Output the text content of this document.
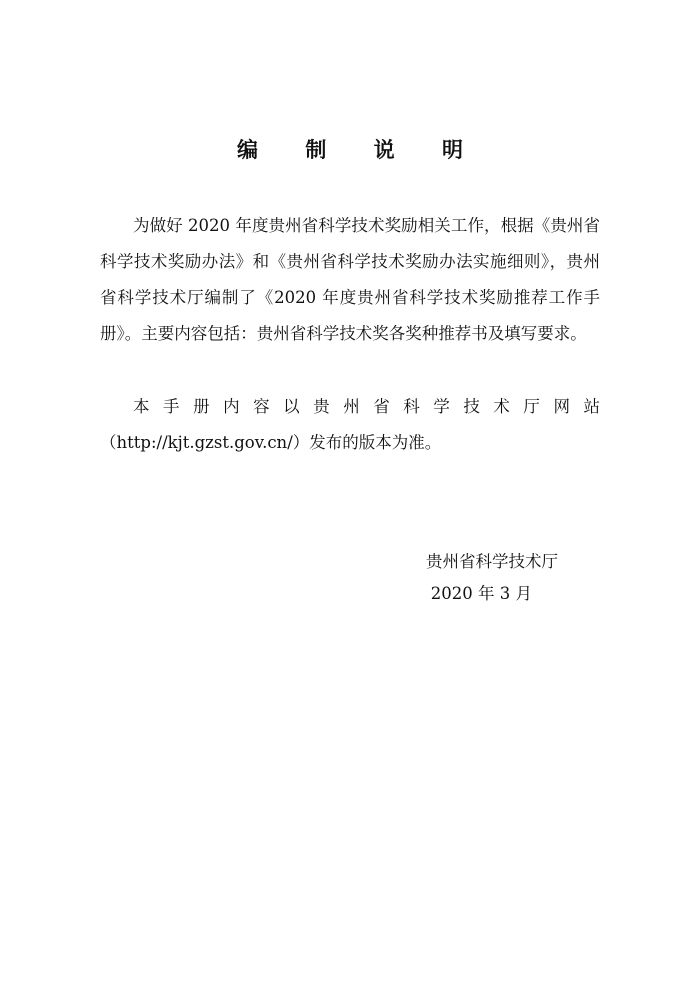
编 制 说 明

为做好 2020 年度贵州省科学技术奖励相关工作，根据《贵州省科学技术奖励办法》和《贵州省科学技术奖励办法实施细则》，贵州省科学技术厅编制了《2020 年度贵州省科学技术奖励推荐工作手册》。主要内容包括：贵州省科学技术奖各奖种推荐书及填写要求。

本手册内容以贵州省科学技术厅网站
（http://kjt.gzst.gov.cn/）发布的版本为准。

贵州省科学技术厅
2020 年 3 月
